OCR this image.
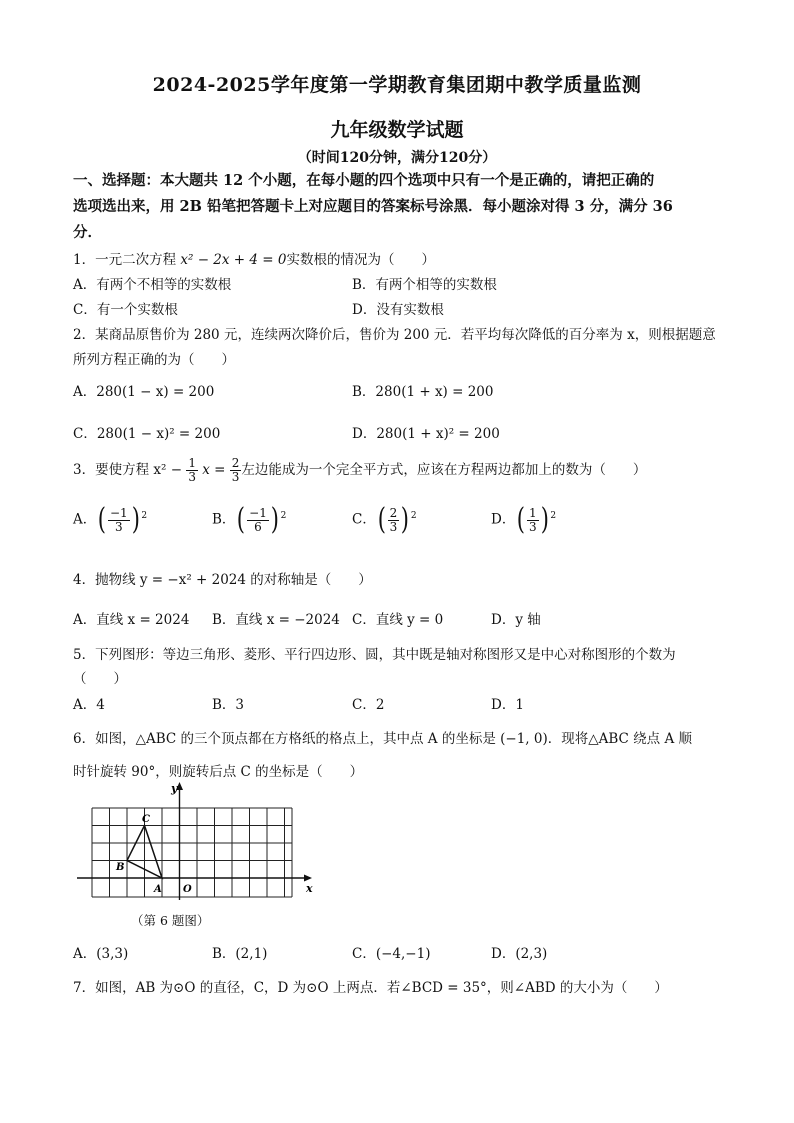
2024-2025学年度第一学期教育集团期中教学质量监测
九年级数学试题
（时间120分钟，满分120分）
一、选择题：本大题共 12 个小题，在每小题的四个选项中只有一个是正确的，请把正确的
选项选出来，用 2B 铅笔把答题卡上对应题目的答案标号涂黑．每小题涂对得 3 分，满分 36
分．
1．一元二次方程 x² − 2x + 4 = 0实数根的情况为（　　）
A．有两个不相等的实数根	B．有两个相等的实数根
C．有一个实数根	D．没有实数根
2．某商品原售价为 280 元，连续两次降价后，售价为 200 元．若平均每次降低的百分率为 x，则根据题意
所列方程正确的为（　　）
A．280(1 − x) = 200	B．280(1 + x) = 200
C．280(1 − x)² = 200	D．280(1 + x)² = 200
3．要使方程 $x^2 - \frac{1}{3}$ $x = \frac{2}{3}$ 左边能成为一个完全平方式，应该在方程两边都加上的数为（　　）
A．( $\frac{-1}{3}$ ) $^2$	B．( $\frac{-1}{6}$ ) $^2$	C．( $\frac{2}{3}$ ) $^2$	D．( $\frac{1}{3}$ ) $^2$
4．抛物线 y = −x² + 2024 的对称轴是（　　）
A．直线 x = 2024 B．直线 x = −2024 C．直线 y = 0	D．y 轴
5．下列图形：等边三角形、菱形、平行四边形、圆，其中既是轴对称图形又是中心对称图形的个数为
（　　）
A．4	B．3	C．2	D．1
6．如图，△ABC 的三个顶点都在方格纸的格点上，其中点 A 的坐标是 (−1, 0)．现将△ABC 绕点 A 顺
时针旋转 90°，则旋转后点 C 的坐标是（　　）
y
x
C
B
A O
（第 6 题图）
A．(3,3)	B．(2,1)	C．(−4,−1)	D．(2,3)
7．如图，AB 为⊙O 的直径，C，D 为⊙O 上两点．若∠BCD = 35°，则∠ABD 的大小为（　　）
